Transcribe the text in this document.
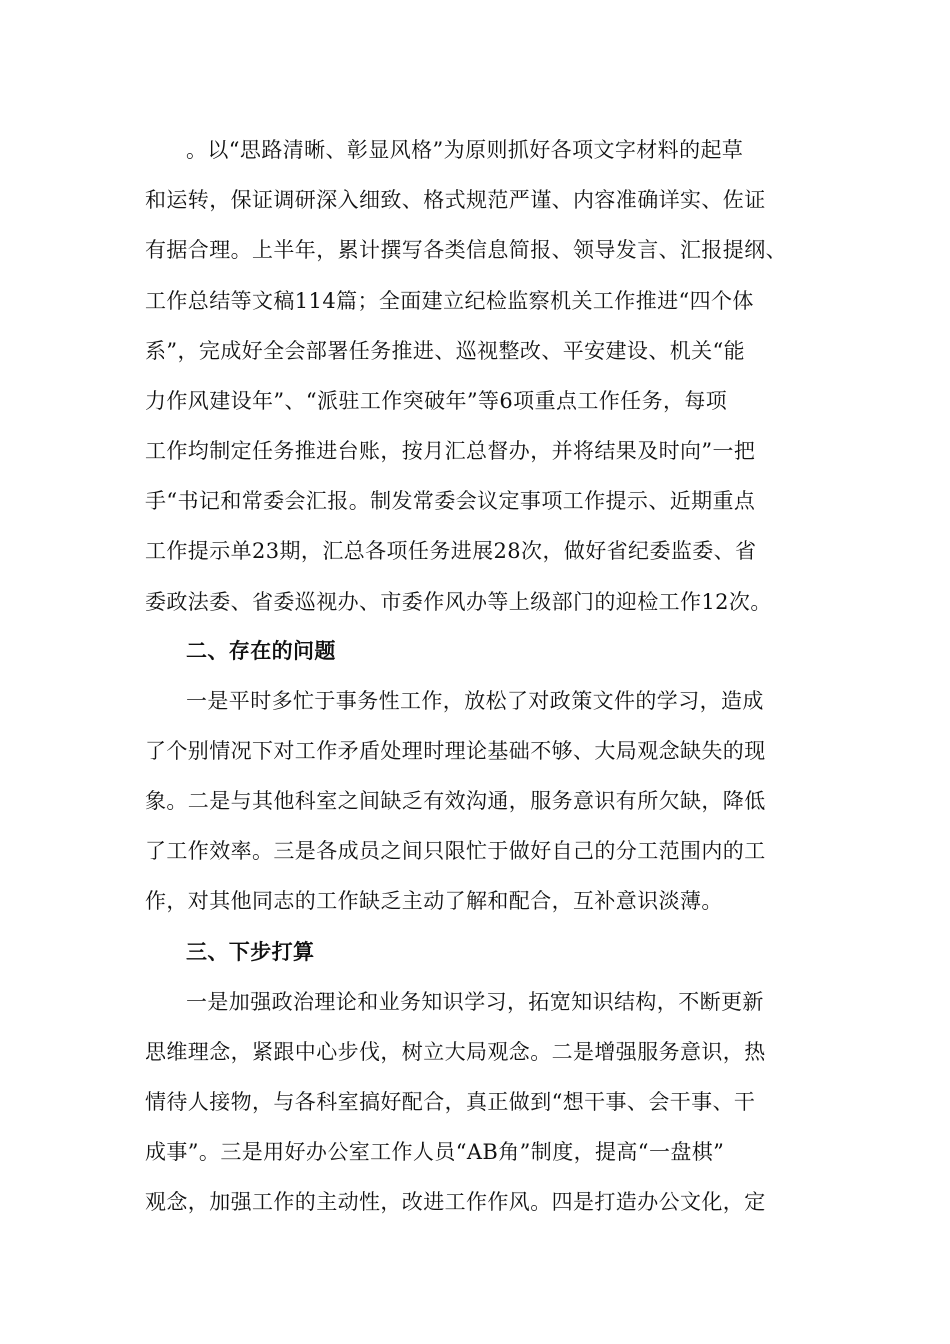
。以“思路清晰、彰显风格”为原则抓好各项文字材料的起草
和运转，保证调研深入细致、格式规范严谨、内容准确详实、佐证
有据合理。上半年，累计撰写各类信息简报、领导发言、汇报提纲、
工作总结等文稿114篇；全面建立纪检监察机关工作推进“四个体
系”，完成好全会部署任务推进、巡视整改、平安建设、机关“能
力作风建设年”、“派驻工作突破年”等6项重点工作任务，每项
工作均制定任务推进台账，按月汇总督办，并将结果及时向”一把
手“书记和常委会汇报。制发常委会议定事项工作提示、近期重点
工作提示单23期，汇总各项任务进展28次，做好省纪委监委、省
委政法委、省委巡视办、市委作风办等上级部门的迎检工作12次。
二、存在的问题
一是平时多忙于事务性工作，放松了对政策文件的学习，造成
了个别情况下对工作矛盾处理时理论基础不够、大局观念缺失的现
象。二是与其他科室之间缺乏有效沟通，服务意识有所欠缺，降低
了工作效率。三是各成员之间只限忙于做好自己的分工范围内的工
作，对其他同志的工作缺乏主动了解和配合，互补意识淡薄。
三、下步打算
一是加强政治理论和业务知识学习，拓宽知识结构，不断更新
思维理念，紧跟中心步伐，树立大局观念。二是增强服务意识，热
情待人接物，与各科室搞好配合，真正做到“想干事、会干事、干
成事”。三是用好办公室工作人员“AB角”制度，提高“一盘棋”
观念，加强工作的主动性，改进工作作风。四是打造办公文化，定
